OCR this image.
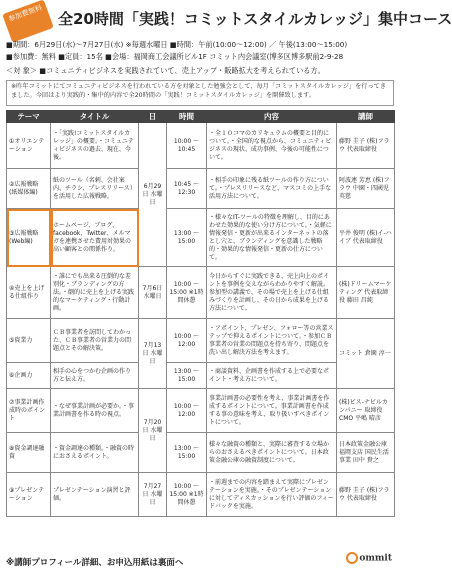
参加費無料 全20時間「実践！コミットスタイルカレッジ」集中コース
■期間：6月29日(水)～7月27日(水) ※毎週水曜日 ■時間：午前(10:00～12:00) ／ 午後(13:00～15:00)
■参加費：無料 ■定員：15名 ■会場：福岡商工会議所ビル1F コミット内会議室(博多区博多駅前2-9-28
＜対 象＞ ■コミュニティビジネスを実践されていて、売上アップ・販路拡大を考えられている方。
※昨年コミットにてコミュニティビジネスを行われている方を対象とした勉強会として、毎月「コミットスタイルカレッジ」を行ってきました。今回はより実践的・集中的内容で全20時間の「実践！コミットスタイルカレッジ」を開催致します。
テーマ	タイトル	日	時間	内容	講師
①オリエンテーション	・「実践!コミットスタイルカレッジ」の概要。・コミュニティビジネスの過去、現在、今後。	6月29日 水曜日	10:00 ～ 10:45	・全１０コマのカリキュラムの概要と目的について。・全国的な視点から、コミュニティビジネスの現状、成功事例、今後の可能性について。	藤野 圭子 (株)フラウ 代表取締役
②広報戦略 (紙媒体編)	紙のツール（名刺、会社案内、チラシ、プレスリリース）を活用した広報戦略。		10:45 ～ 12:30	・相手の印象に残る紙ツールの作り方について。・プレスリリースなど、マスコミの上手な活用方法について。	阿波連 芳恵 (株)フラウ 中園・四國児英慈
③広報戦略 (Web編)	ホームページ、ブログ、facebook、Twitter、メルマガを連携させた費用対効果の高い顧客との関係作り。		13:00 ～ 15:00	・様々なIT-ツールの特徴を理解し、目的にあわせた効果的な使い分け方について。・気軽に情報発信・更新が出来るインターネットの落とし穴と、ブランディングを意識した戦略的・効果的な情報発信・更新の仕方について。	平井 俊明 (株)イ-ハイブ 代表取締役
④売上を上げる仕組作り	・誰にでも出来る圧倒的な差別化・ブランディングの方法。・劇的に売上を上げる実践的なマーケティング・行動計画。	7月6日 水曜日	10:00 ～ 15:00 ※1時間休憩	今日からすぐに実践できる、売上向上のポイントを事例を交えながらわかりやすく解説。参加型の講義で、その場で売上を上げる仕組みづくりを計画し、その日から成果を上げる方法について。	(株)ドリームマーケティング 代表取締役 藤田 昌純
⑤資業力	ＣＢ事業者を訪問してわかった、ＣＢ事業者の営業力の問題点とその解決策。	7月13日 水曜日	10:00 ～ 12:00	・アポイント、プレゼン、フォロー等の営業ステップで抑えるポイントについて。・参加ＣＢ事業者の営業の問題点を持ち寄り、問題点を洗い出し解決方法を考えます。	コミット 倉園 淳一
⑥企画力	相手の心をつかむ企画の作り方と伝え方。		13:00 ～ 15:00	・商談資料、企画書を作成する上で必要なポイント・考え方について。	
⑦事業計画作成時のポイント	・なぜ事業計画が必要か。・事業計画書を作る時の視点。	7月20日 水曜日	10:00 ～ 12:00	事業計画書の必要性を考え、事業計画書を作成するポイントについて。事業計画書を作成する事の意味を考え、取り扱いすべきポイントについて。	(株)ビス-ナビルカンパニー 取締役CMO 平嶋 晴彦
⑧資金調達融資	・資金調達の種類。・融資の時におさえるポイント。		13:00 ～ 15:00	様々な融資の種類と、実際に審査する立場からのおさえるべきポイントについて。日本政策金融公庫の融資制度について。	日本政策金融公庫 福岡支店 国民生活事業 田中 貴之
⑨プレゼンテーション	プレゼンテーション演習と評価。	7月27日 水曜日	10:00 ～ 15:00 ※1時間休憩	・前週までの内容を踏まえて実際にプレゼンテーションを実施。・そのプレゼンテーションに対してディスカッションを行い評価のフィードバックを実施。	藤野 圭子 (株)フラウ 代表取締役
※講師プロフィール詳細、お申込用紙は裏面へ	ommit
